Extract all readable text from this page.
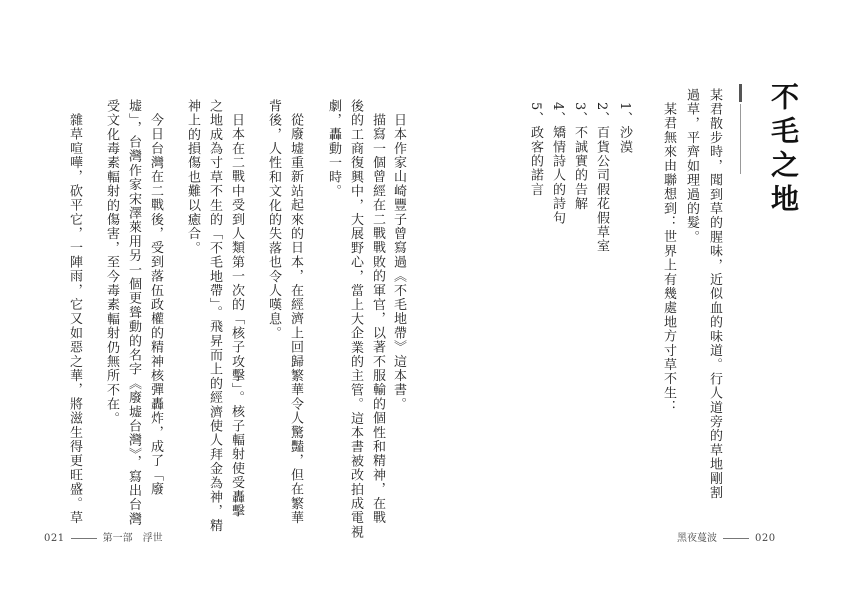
不毛之地
某君散步時，聞到草的腥味，近似血的味道。行人道旁的草地剛割
過草，平齊如理過的髮。
某君無來由聯想到：世界上有幾處地方寸草不生：
1、沙漠
2、百貨公司假花假草室
3、不誠實的告解
4、矯情詩人的詩句
5、政客的諾言
黑夜蔓波	020
日本作家山崎豐子曾寫過《不毛地帶》這本書。
描寫一個曾經在二戰戰敗的軍官，以著不服輸的個性和精神，在戰
後的工商復興中，大展野心，當上大企業的主管。這本書被改拍成電視
劇，轟動一時。
從廢墟重新站起來的日本，在經濟上回歸繁華令人驚豔，但在繁華
背後，人性和文化的失落也令人嘆息。
日本在二戰中受到人類第一次的「核子攻擊」。核子輻射使受轟擊
之地成為寸草不生的「不毛地帶」。飛昇而上的經濟使人拜金為神，精
神上的損傷也難以癒合。
今日台灣在二戰後，受到落伍政權的精神核彈轟炸，成了「廢
墟」，台灣作家宋澤萊用另一個更聳動的名字《廢墟台灣》，寫出台灣
受文化毒素輻射的傷害，至今毒素輻射仍無所不在。
雜草喧嘩，砍平它，一陣雨，它又如惡之華，將滋生得更旺盛。草
021	第一部　浮世
